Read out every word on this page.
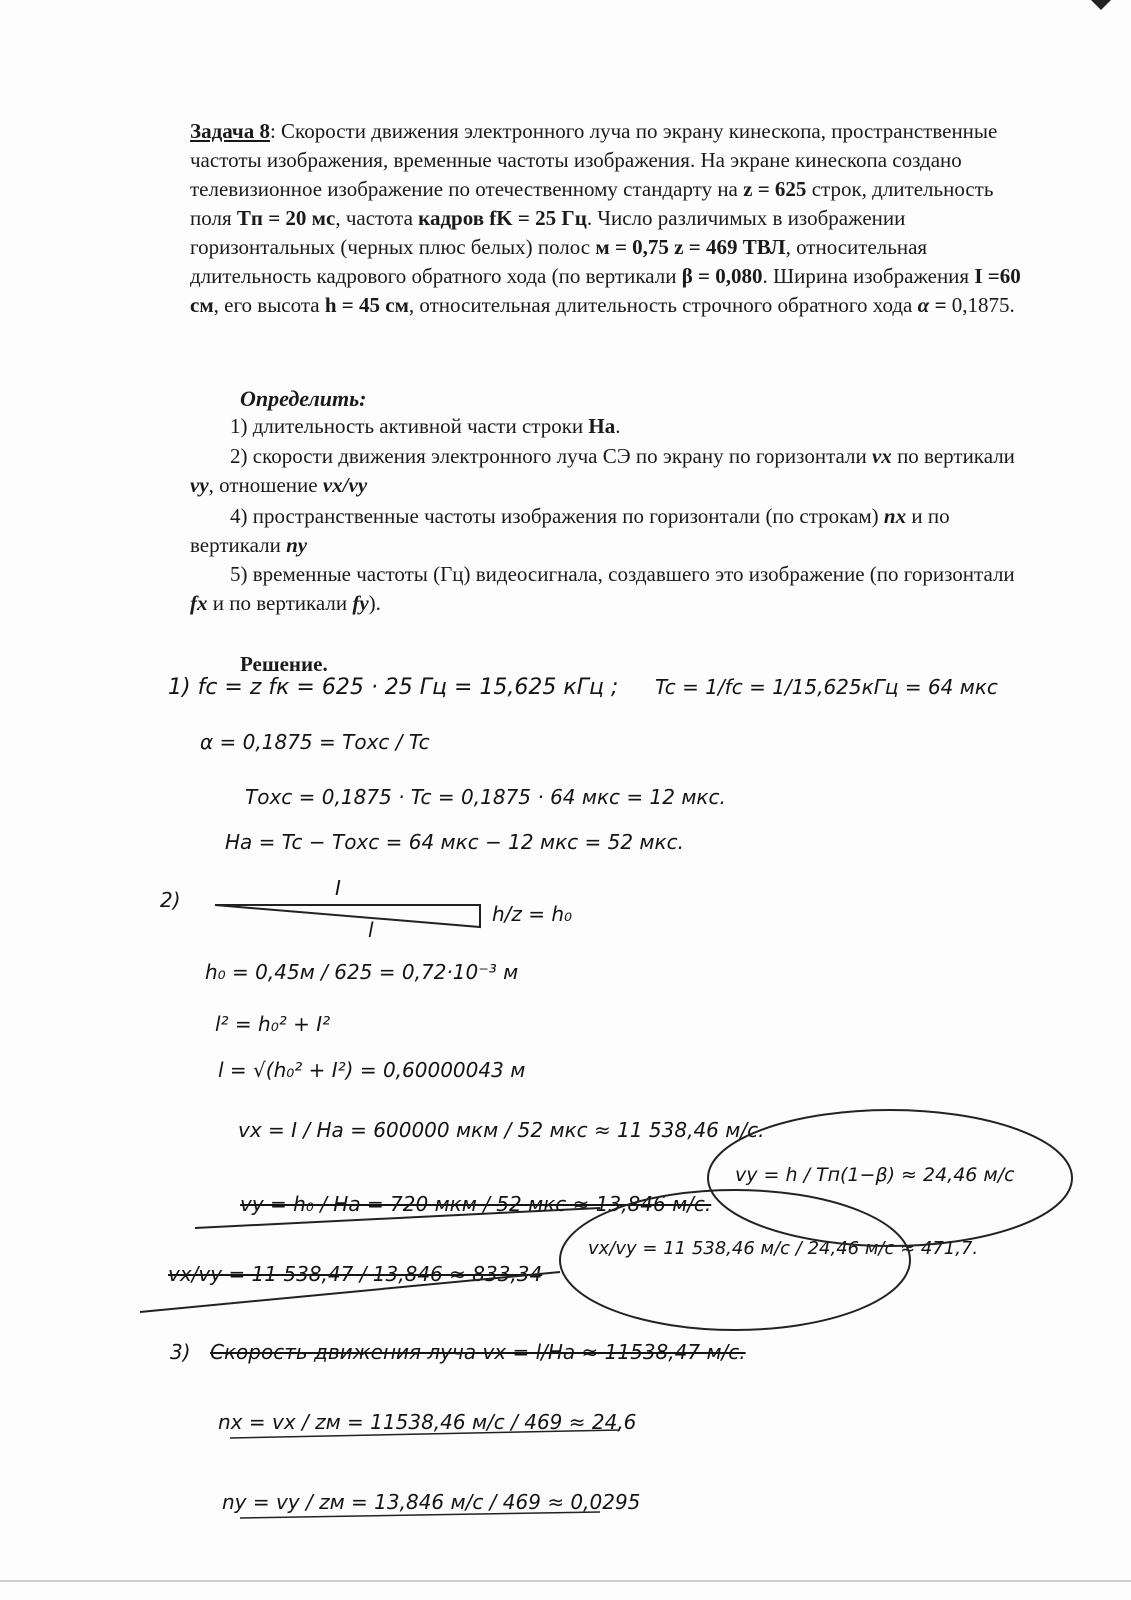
Задача 8: Скорости движения электронного луча по экрану кинескопа, пространственные частоты изображения, временные частоты изображения. На экране кинескопа создано телевизионное изображение по отечественному стандарту на z = 625 строк, длительность поля Tп = 20 мс, частота кадров fK = 25 Гц. Число различимых в изображении горизонтальных (черных плюс белых) полос м = 0,75 z = 469 ТВЛ, относительная длительность кадрового обратного хода (по вертикали β = 0,080. Ширина изображения I =60 см, его высота h = 45 см, относительная длительность строчного обратного хода α = 0,1875.
Определить:
1) длительность активной части строки Hа.
2) скорости движения электронного луча СЭ по экрану по горизонтали vx по вертикали vy, отношение vx/vy
4) пространственные частоты изображения по горизонтали (по строкам) nx и по вертикали ny
5) временные частоты (Гц) видеосигнала, создавшего это изображение (по горизонтали fx и по вертикали fy).
Решение.
1) fc = z fк = 625 · 25 Гц = 15,625 кГц ; Tc = 1/fc = 1/15,625кГц = 64 мкс
α = 0,1875 = Tохс / Tc
Tохс = 0,1875 · Tc = 0,1875 · 64 мкс = 12 мкс.
Hа = Tc − Tохс = 64 мкс − 12 мкс = 52 мкс.
2)	I
l
h/z = h₀
h₀ = 0,45м / 625 = 0,72·10⁻³ м
l² = h₀² + I²
l = √(h₀² + I²) = 0,60000043 м
vx = I / Hа = 600000 мкм / 52 мкс ≈ 11 538,46 м/с.
vy = h₀ / Hа = 720 мкм / 52 мкс ≈ 13,846 м/с.
vy = h / Tп(1−β) ≈ 24,46 м/с
vx/vy = 11 538,47 / 13,846 ≈ 833,34
vx/vy = 11 538,46 м/с / 24,46 м/с ≈ 471,7.
3) Скорость движения луча vx = l/Hа ≈ 11538,47 м/с.
nx = vx / zм = 11538,46 м/с / 469 ≈ 24,6
ny = vy / zм = 13,846 м/с / 469 ≈ 0,0295
